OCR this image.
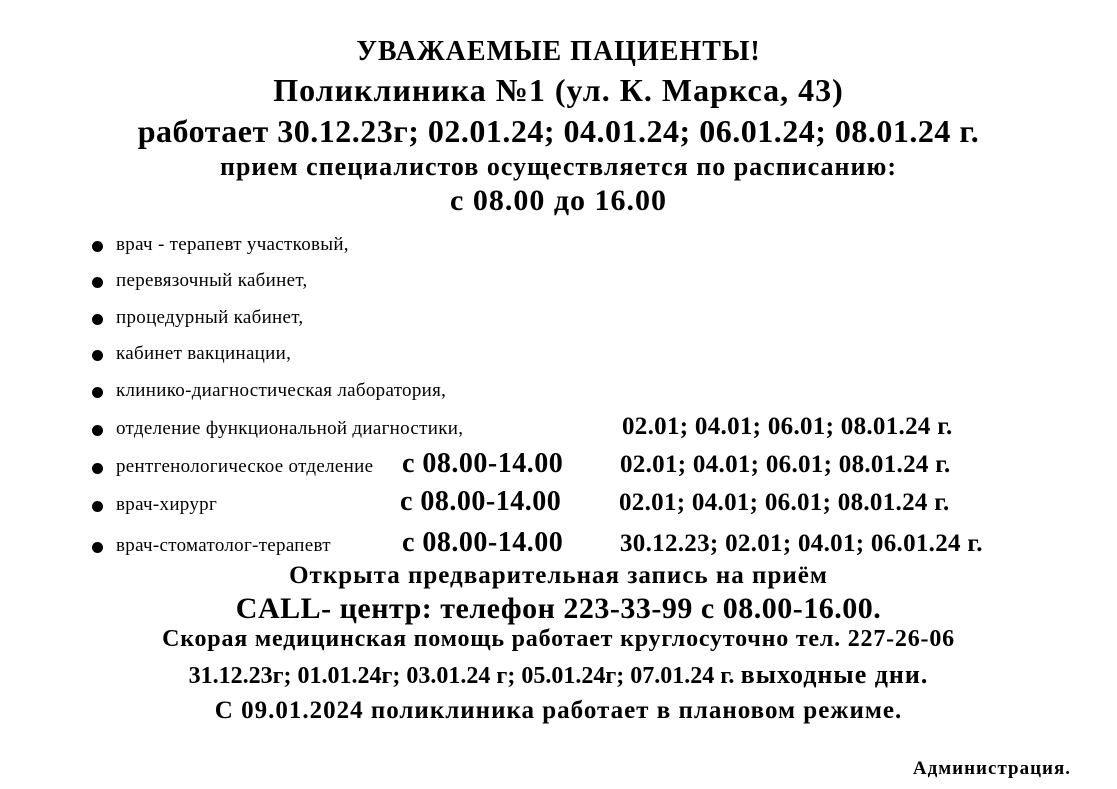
УВАЖАЕМЫЕ ПАЦИЕНТЫ!
Поликлиника №1 (ул. К. Маркса, 43)
работает 30.12.23г; 02.01.24; 04.01.24; 06.01.24; 08.01.24 г.
прием специалистов осуществляется по расписанию:
с 08.00 до 16.00
врач - терапевт участковый,
перевязочный кабинет,
процедурный кабинет,
кабинет вакцинации,
клинико-диагностическая лаборатория,
отделение функциональной диагностики,	02.01; 04.01; 06.01; 08.01.24 г.
рентгенологическое отделение с 08.00-14.00 02.01; 04.01; 06.01; 08.01.24 г.
врач-хирург	с 08.00-14.00 02.01; 04.01; 06.01; 08.01.24 г.
врач-стоматолог-терапевт	с 08.00-14.00 30.12.23; 02.01; 04.01; 06.01.24 г.
Открыта предварительная запись на приём
CALL- центр: телефон 223-33-99 с 08.00-16.00.
Скорая медицинская помощь работает круглосуточно тел. 227-26-06
31.12.23г; 01.01.24г; 03.01.24 г; 05.01.24г; 07.01.24 г. выходные дни.
С 09.01.2024 поликлиника работает в плановом режиме.
Администрация.
